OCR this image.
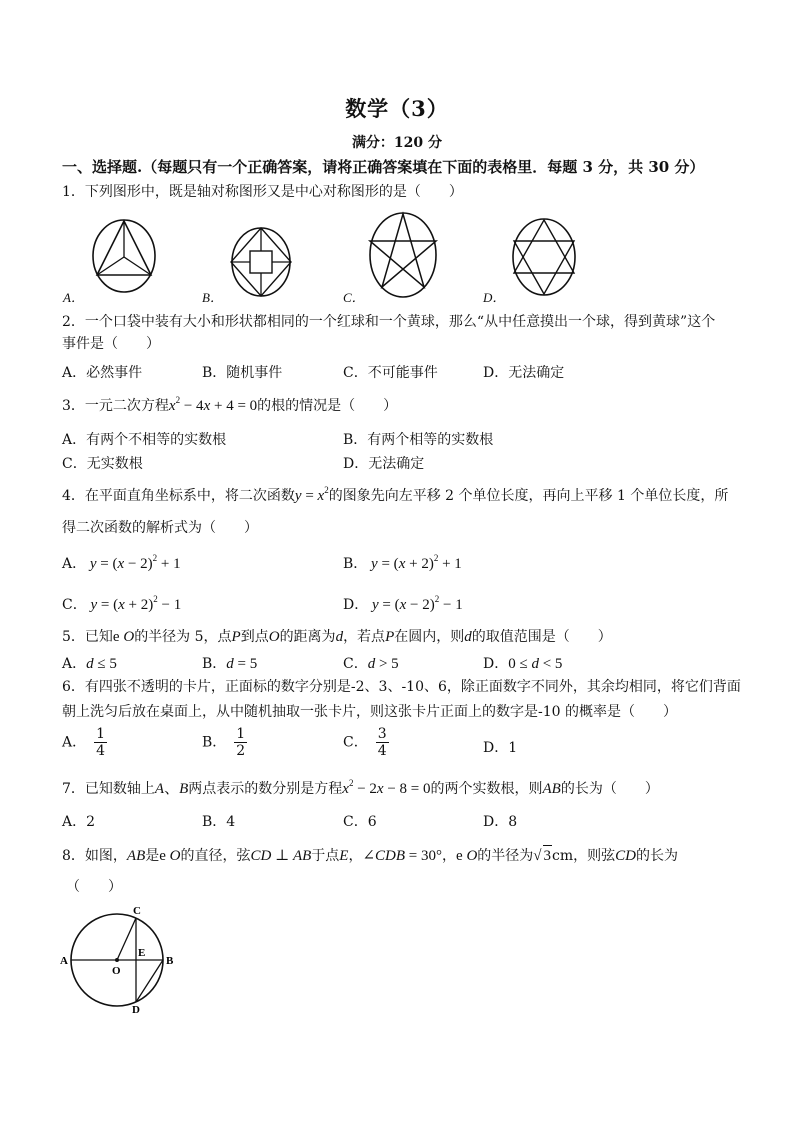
数学（3）
满分：120 分
一、选择题.（每题只有一个正确答案，请将正确答案填在下面的表格里．每题 3 分，共 30 分）
1．下列图形中，既是轴对称图形又是中心对称图形的是（　　）
A．	B．	C．	D．
2．一个口袋中装有大小和形状都相同的一个红球和一个黄球，那么“从中任意摸出一个球，得到黄球”这个
事件是（　　）
A．必然事件	B．随机事件	C．不可能事件	D．无法确定
3．一元二次方程$x^2 - 4x + 4 = 0$的根的情况是（　　）
A．有两个不相等的实数根	B．有两个相等的实数根
C．无实数根	D．无法确定
4．在平面直角坐标系中，将二次函数$y = x^2$的图象先向左平移 2 个单位长度，再向上平移 1 个单位长度，所
得二次函数的解析式为（　　）
A． $y = (x - 2)^2 + 1$	B． $y = (x + 2)^2 + 1$
C． $y = (x + 2)^2 - 1$	D． $y = (x - 2)^2 - 1$
5．已知e O的半径为 5，点P到点O的距离为d，若点P在圆内，则d的取值范围是（　　）
A．d ≤ 5	B．d = 5	C．d > 5	D．0 ≤ d < 5
6．有四张不透明的卡片，正面标的数字分别是-2、3、-10、6，除正面数字不同外，其余均相同，将它们背面
朝上洗匀后放在桌面上，从中随机抽取一张卡片，则这张卡片正面上的数字是-10 的概率是（　　）
A． $\frac{1}{4}$	B． $\frac{1}{2}$	C． $\frac{3}{4}$	D．1
7．已知数轴上A、B两点表示的数分别是方程$x^2 - 2x - 8 = 0$的两个实数根，则AB的长为（　　）
A．2	B．4	C．6	D．8
8．如图，AB是e O的直径，弦CD ⊥ AB于点E，∠CDB = 30°，e O的半径为√ 3cm，则弦CD的长为
（　　）
A	B
C
D
E
O
